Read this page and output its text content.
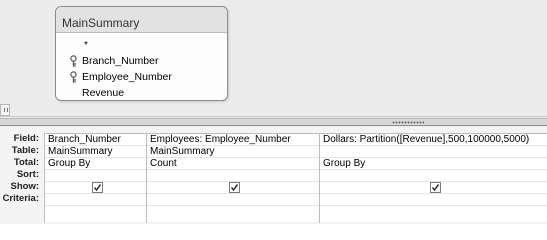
MainSummary
*
Branch_Number
Employee_Number
Revenue
Field:
Table:
Total:
Sort:
Show:
Criteria:
Branch_Number
MainSummary
Group By
Employees: Employee_Number
MainSummary
Count
Dollars: Partition([Revenue],500,100000,5000)
Group By
